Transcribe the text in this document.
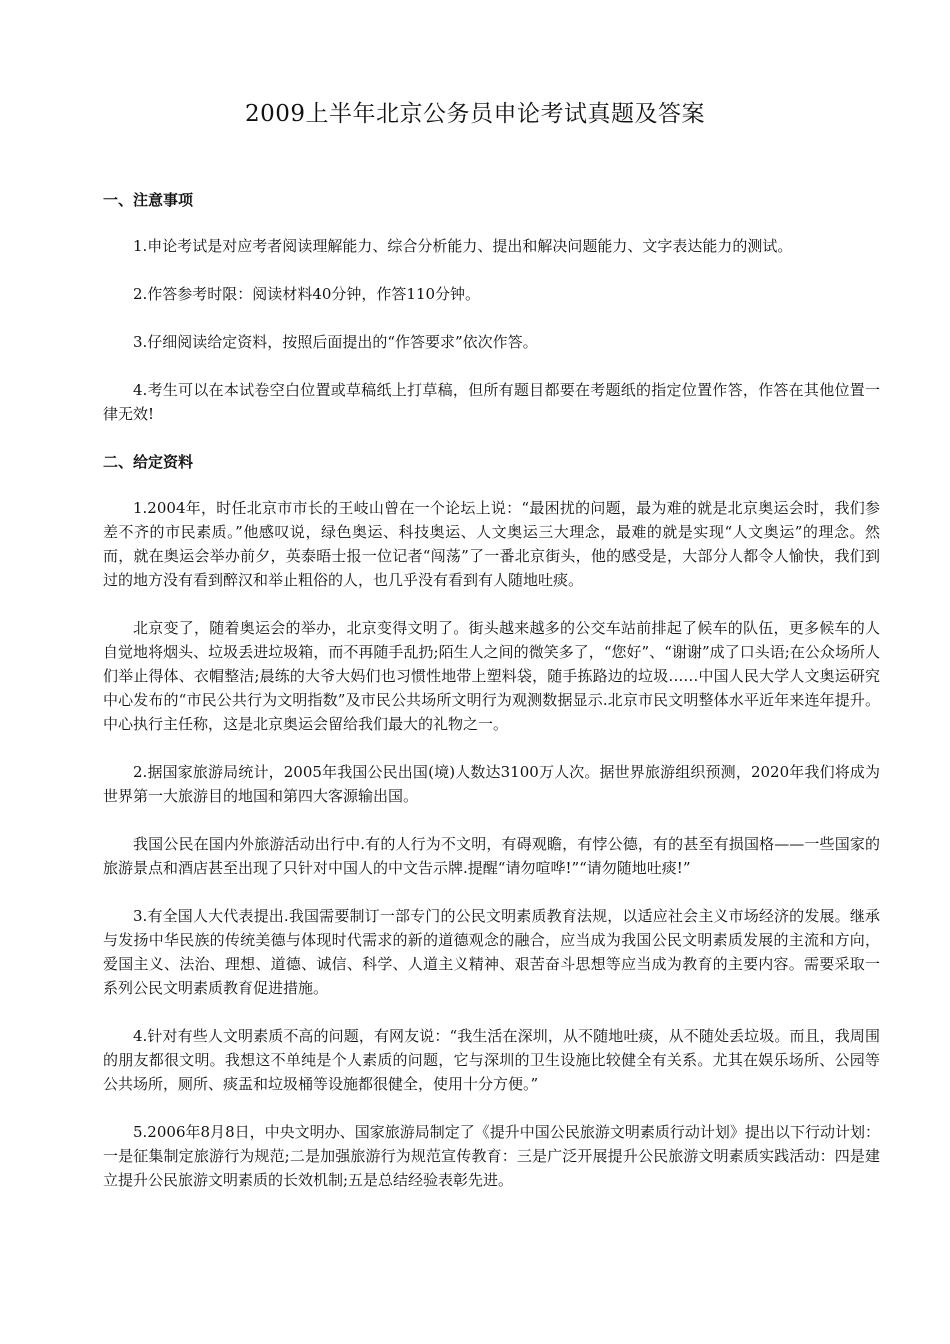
2009上半年北京公务员申论考试真题及答案
一、注意事项

1.申论考试是对应考者阅读理解能力、综合分析能力、提出和解决问题能力、文字表达能力的测试。

2.作答参考时限：阅读材料40分钟，作答110分钟。

3.仔细阅读给定资料，按照后面提出的“作答要求”依次作答。

4.考生可以在本试卷空白位置或草稿纸上打草稿，但所有题目都要在考题纸的指定位置作答，作答在其他位置一律无效!

二、给定资料

1.2004年，时任北京市市长的王岐山曾在一个论坛上说：“最困扰的问题，最为难的就是北京奥运会时，我们参差不齐的市民素质。”他感叹说，绿色奥运、科技奥运、人文奥运三大理念，最难的就是实现“人文奥运”的理念。然而，就在奥运会举办前夕，英泰晤士报一位记者“闯荡”了一番北京街头，他的感受是，大部分人都令人愉快，我们到过的地方没有看到醉汉和举止粗俗的人，也几乎没有看到有人随地吐痰。

北京变了，随着奥运会的举办，北京变得文明了。街头越来越多的公交车站前排起了候车的队伍，更多候车的人自觉地将烟头、垃圾丢进垃圾箱，而不再随手乱扔;陌生人之间的微笑多了，“您好”、“谢谢”成了口头语;在公众场所人们举止得体、衣帽整洁;晨练的大爷大妈们也习惯性地带上塑料袋，随手拣路边的垃圾……中国人民大学人文奥运研究中心发布的“市民公共行为文明指数”及市民公共场所文明行为观测数据显示.北京市民文明整体水平近年来连年提升。中心执行主任称，这是北京奥运会留给我们最大的礼物之一。

2.据国家旅游局统计，2005年我国公民出国(境)人数达3100万人次。据世界旅游组织预测，2020年我们将成为世界第一大旅游目的地国和第四大客源输出国。

我国公民在国内外旅游活动出行中.有的人行为不文明，有碍观瞻，有悖公德，有的甚至有损国格——一些国家的旅游景点和酒店甚至出现了只针对中国人的中文告示牌.提醒“请勿喧哗!”“请勿随地吐痰!”

3.有全国人大代表提出.我国需要制订一部专门的公民文明素质教育法规，以适应社会主义市场经济的发展。继承与发扬中华民族的传统美德与体现时代需求的新的道德观念的融合，应当成为我国公民文明素质发展的主流和方向，爱国主义、法治、理想、道德、诚信、科学、人道主义精神、艰苦奋斗思想等应当成为教育的主要内容。需要采取一系列公民文明素质教育促进措施。

4.针对有些人文明素质不高的问题，有网友说：“我生活在深圳，从不随地吐痰，从不随处丢垃圾。而且，我周围的朋友都很文明。我想这不单纯是个人素质的问题，它与深圳的卫生设施比较健全有关系。尤其在娱乐场所、公园等公共场所，厕所、痰盂和垃圾桶等设施都很健全，使用十分方便。”

5.2006年8月8日，中央文明办、国家旅游局制定了《提升中国公民旅游文明素质行动计划》提出以下行动计划：一是征集制定旅游行为规范;二是加强旅游行为规范宣传教育：三是广泛开展提升公民旅游文明素质实践活动：四是建立提升公民旅游文明素质的长效机制;五是总结经验表彰先进。
